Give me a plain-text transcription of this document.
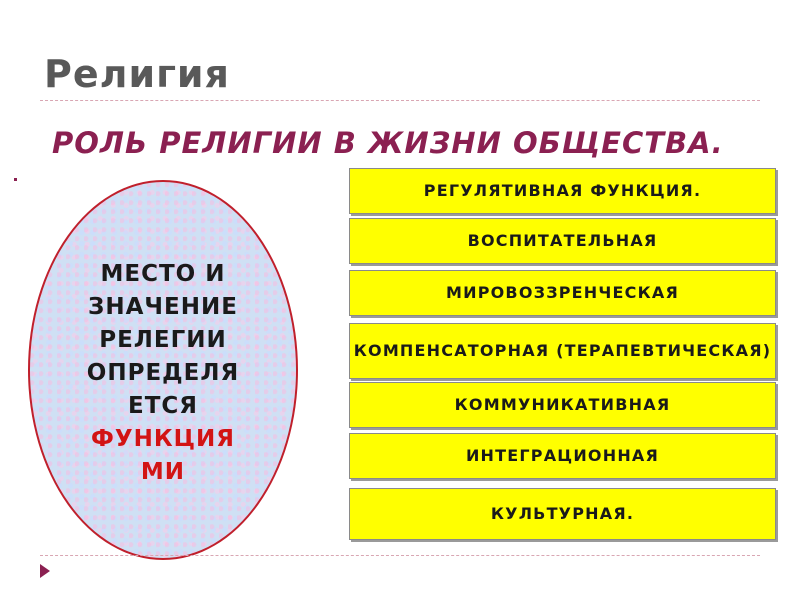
Религия
РОЛЬ РЕЛИГИИ В ЖИЗНИ ОБЩЕСТВА.
МЕСТО И
ЗНАЧЕНИЕ
РЕЛЕГИИ
ОПРЕДЕЛЯ
ЕТСЯ
ФУНКЦИЯ
МИ
РЕГУЛЯТИВНАЯ ФУНКЦИЯ.
ВОСПИТАТЕЛЬНАЯ
МИРОВОЗЗРЕНЧЕСКАЯ
КОМПЕНСАТОРНАЯ (ТЕРАПЕВТИЧЕСКАЯ)
КОММУНИКАТИВНАЯ
ИНТЕГРАЦИОННАЯ
КУЛЬТУРНАЯ.
